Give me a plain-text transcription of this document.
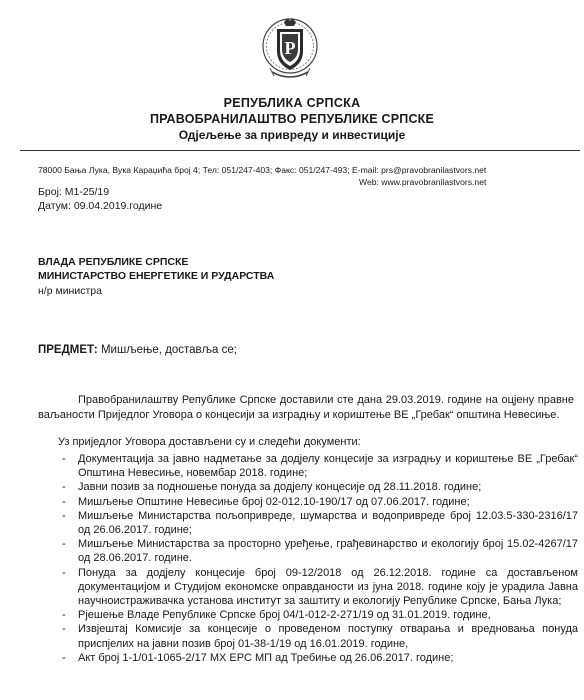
Р
РЕПУБЛИКА СРПСКА
ПРАВОБРАНИЛАШТВО РЕПУБЛИКЕ СРПСКЕ
Одјељење за привреду и инвестиције
78000 Бања Лука, Вука Караџића број 4; Тел: 051/247-403; Факс: 051/247-493; E-mail: prs@pravobranilastvors.net
Web: www.pravobranilastvors.net
Број: М1-25/19
Датум: 09.04.2019.године
ВЛАДА РЕПУБЛИКЕ СРПСКЕ
МИНИСТАРСТВО ЕНЕРГЕТИКЕ И РУДАРСТВА
н/р министра
ПРЕДМЕТ: Мишљење, доставља се;
Правобранилаштву Републике Српске доставили сте дана 29.03.2019. године на оцјену правне ваљаности Приједлог Уговора о концесији за изградњу и кориштење ВЕ „Гребак“ општина Невесиње.
Уз приједлог Уговора достављени су и следећи документи:
- Документација за јавно надметање за додјелу концесије за изградњу и кориштење ВЕ „Гребак“ Општина Невесиње, новембар 2018. године;
- Јавни позив за подношење понуда за додјелу концесије од 28.11.2018. године;
- Мишљење Општине Невесиње број 02-012.10-190/17 од 07.06.2017. године;
- Мишљење Министарства пољопривреде, шумарства и водопривреде број 12.03.5-330-2316/17 од 26.06.2017. године;
- Мишљење Министарства за просторно уређење, грађевинарство и екологију број 15.02-4267/17 од 28.06.2017. године.
- Понуда за додјелу концесије број 09-12/2018 од 26.12.2018. године са достављеном документацијом и Студијом економске оправданости из јуна 2018. године коју је урадила Јавна научноистраживачка установа институт за заштиту и екологију Републике Српске, Бања Лука;
- Рјешење Владе Републике Српске број 04/1-012-2-271/19 од 31.01.2019. године,
- Извјештај Комисије за концесије о проведеном поступку отварања и вредновања понуда приспјелих на јавни позив број 01-38-1/19 од 16.01.2019. године,
- Акт број 1-1/01-1065-2/17 МХ ЕРС МП ад Требиње од 26.06.2017. године;
